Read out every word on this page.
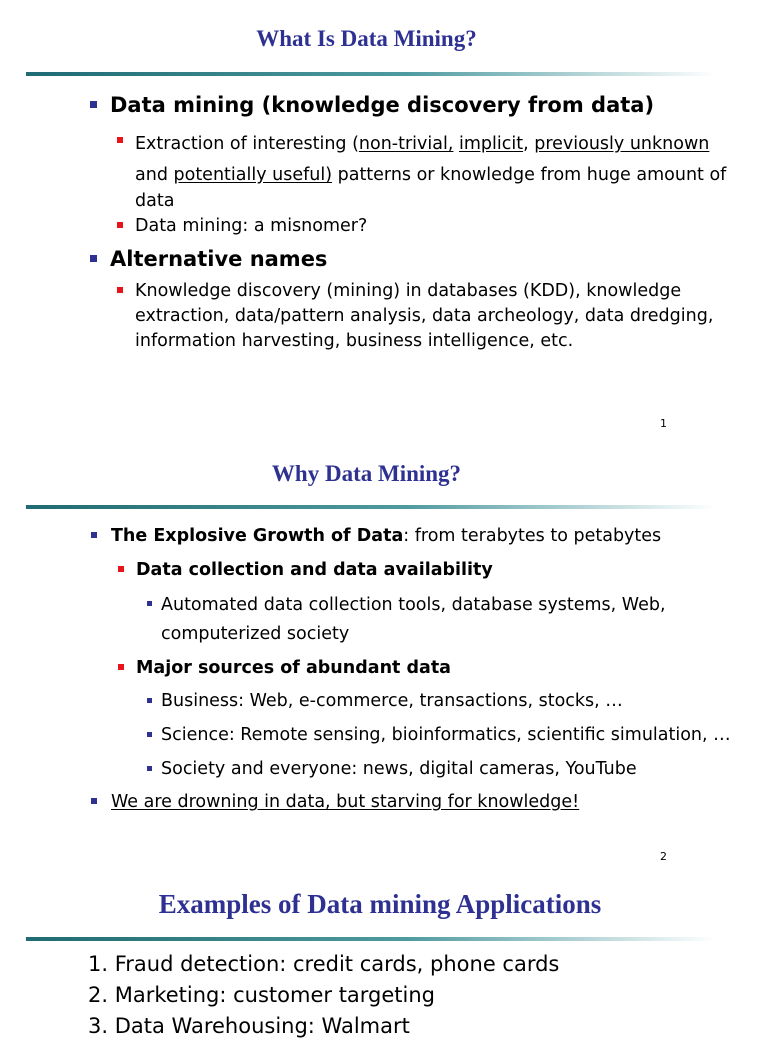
What Is Data Mining?
Data mining (knowledge discovery from data)
Extraction of interesting (non-trivial, implicit, previously unknown
and potentially useful) patterns or knowledge from huge amount of
data
Data mining: a misnomer?
Alternative names
Knowledge discovery (mining) in databases (KDD), knowledge
extraction, data/pattern analysis, data archeology, data dredging,
information harvesting, business intelligence, etc.
1
Why Data Mining?
The Explosive Growth of Data: from terabytes to petabytes
Data collection and data availability
Automated data collection tools, database systems, Web,
computerized society
Major sources of abundant data
Business: Web, e-commerce, transactions, stocks, …
Science: Remote sensing, bioinformatics, scientific simulation, …
Society and everyone: news, digital cameras, YouTube
We are drowning in data, but starving for knowledge!
2
Examples of Data mining Applications
1. Fraud detection: credit cards, phone cards
2. Marketing: customer targeting
3. Data Warehousing: Walmart
